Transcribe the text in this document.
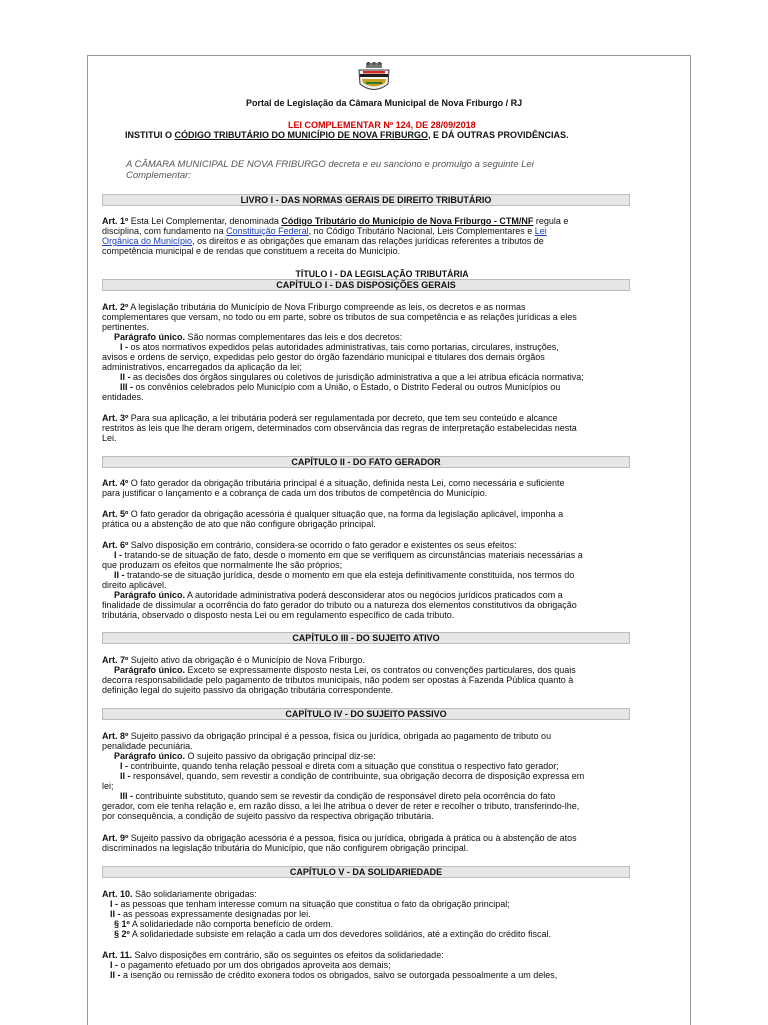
Portal de Legislação da Câmara Municipal de Nova Friburgo / RJ
LEI COMPLEMENTAR Nº 124, DE 28/09/2018
INSTITUI O CÓDIGO TRIBUTÁRIO DO MUNICÍPIO DE NOVA FRIBURGO, E DÁ OUTRAS PROVIDÊNCIAS.
A CÂMARA MUNICIPAL DE NOVA FRIBURGO decreta e eu sanciono e promulgo a seguinte Lei
Complementar:
LIVRO I - DAS NORMAS GERAIS DE DIREITO TRIBUTÁRIO
Art. 1º Esta Lei Complementar, denominada Código Tributário do Município de Nova Friburgo - CTM/NF regula e
disciplina, com fundamento na Constituição Federal, no Código Tributário Nacional, Leis Complementares e Lei
Orgânica do Município, os direitos e as obrigações que emanam das relações jurídicas referentes a tributos de
competência municipal e de rendas que constituem a receita do Município.
TÍTULO I - DA LEGISLAÇÃO TRIBUTÁRIA
CAPÍTULO I - DAS DISPOSIÇÕES GERAIS
Art. 2º A legislação tributária do Município de Nova Friburgo compreende as leis, os decretos e as normas
complementares que versam, no todo ou em parte, sobre os tributos de sua competência e as relações jurídicas a eles
pertinentes.
Parágrafo único. São normas complementares das leis e dos decretos:
I - os atos normativos expedidos pelas autoridades administrativas, tais como portarias, circulares, instruções,
avisos e ordens de serviço, expedidas pelo gestor do órgão fazendário municipal e titulares dos demais órgãos
administrativos, encarregados da aplicação da lei;
II - as decisões dos órgãos singulares ou coletivos de jurisdição administrativa a que a lei atribua eficácia normativa;
III - os convênios celebrados pelo Município com a União, o Estado, o Distrito Federal ou outros Municípios ou
entidades.
Art. 3º Para sua aplicação, a lei tributária poderá ser regulamentada por decreto, que tem seu conteúdo e alcance
restritos às leis que lhe deram origem, determinados com observância das regras de interpretação estabelecidas nesta
Lei.
CAPÍTULO II - DO FATO GERADOR
Art. 4º O fato gerador da obrigação tributária principal é a situação, definida nesta Lei, como necessária e suficiente
para justificar o lançamento e a cobrança de cada um dos tributos de competência do Município.
Art. 5º O fato gerador da obrigação acessória é qualquer situação que, na forma da legislação aplicável, imponha a
prática ou a abstenção de ato que não configure obrigação principal.
Art. 6º Salvo disposição em contrário, considera-se ocorrido o fato gerador e existentes os seus efeitos:
I - tratando-se de situação de fato, desde o momento em que se verifiquem as circunstâncias materiais necessárias a
que produzam os efeitos que normalmente lhe são próprios;
II - tratando-se de situação jurídica, desde o momento em que ela esteja definitivamente constituída, nos termos do
direito aplicável.
Parágrafo único. A autoridade administrativa poderá desconsiderar atos ou negócios jurídicos praticados com a
finalidade de dissimular a ocorrência do fato gerador do tributo ou a natureza dos elementos constitutivos da obrigação
tributária, observado o disposto nesta Lei ou em regulamento específico de cada tributo.
CAPÍTULO III - DO SUJEITO ATIVO
Art. 7º Sujeito ativo da obrigação é o Município de Nova Friburgo.
Parágrafo único. Exceto se expressamente disposto nesta Lei, os contratos ou convenções particulares, dos quais
decorra responsabilidade pelo pagamento de tributos municipais, não podem ser opostas à Fazenda Pública quanto à
definição legal do sujeito passivo da obrigação tributária correspondente.
CAPÍTULO IV - DO SUJEITO PASSIVO
Art. 8º Sujeito passivo da obrigação principal é a pessoa, física ou jurídica, obrigada ao pagamento de tributo ou
penalidade pecuniária.
Parágrafo único. O sujeito passivo da obrigação principal diz-se:
I - contribuinte, quando tenha relação pessoal e direta com a situação que constitua o respectivo fato gerador;
II - responsável, quando, sem revestir a condição de contribuinte, sua obrigação decorra de disposição expressa em
lei;
III - contribuinte substituto, quando sem se revestir da condição de responsável direto pela ocorrência do fato
gerador, com ele tenha relação e, em razão disso, a lei lhe atribua o dever de reter e recolher o tributo, transferindo-lhe,
por consequência, a condição de sujeito passivo da respectiva obrigação tributária.
Art. 9º Sujeito passivo da obrigação acessória é a pessoa, física ou jurídica, obrigada à prática ou à abstenção de atos
discriminados na legislação tributária do Município, que não configurem obrigação principal.
CAPÍTULO V - DA SOLIDARIEDADE
Art. 10. São solidariamente obrigadas:
I - as pessoas que tenham interesse comum na situação que constitua o fato da obrigação principal;
II - as pessoas expressamente designadas por lei.
§ 1º A solidariedade não comporta benefício de ordem.
§ 2º A solidariedade subsiste em relação a cada um dos devedores solidários, até a extinção do crédito fiscal.
Art. 11. Salvo disposições em contrário, são os seguintes os efeitos da solidariedade:
I - o pagamento efetuado por um dos obrigados aproveita aos demais;
II - a isenção ou remissão de crédito exonera todos os obrigados, salvo se outorgada pessoalmente a um deles,
